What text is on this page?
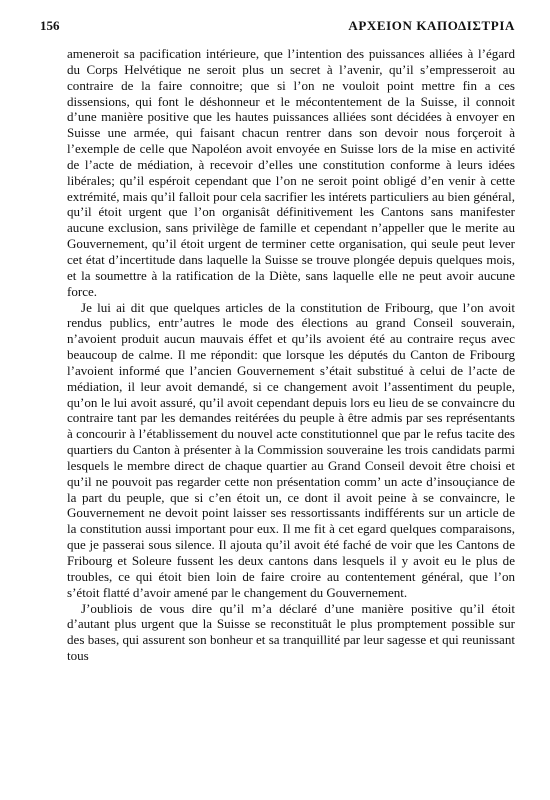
156	ΑΡΧΕΙΟΝ ΚΑΠΟΔΙΣΤΡΙΑ

ameneroit sa pacification intérieure, que l’intention des puissances alliées à l’égard du Corps Helvétique ne seroit plus un secret à l’avenir, qu’il s’empresseroit au contraire de la faire connoitre; que si l’on ne vouloit point mettre fin a ces dissensions, qui font le déshonneur et le mécontentement de la Suisse, il connoit d’une manière positive que les hautes puissances alliées sont décidées à envoyer en Suisse une armée, qui faisant chacun rentrer dans son devoir nous forçeroit à l’exemple de celle que Napoléon avoit envoyée en Suisse lors de la mise en activité de l’acte de médiation, à recevoir d’elles une constitution conforme à leurs idées libérales; qu’il espéroit cependant que l’on ne seroit point obligé d’en venir à cette extrémité, mais qu’il falloit pour cela sacrifier les intérets particuliers au bien général, qu’il étoit urgent que l’on organisât définitivement les Cantons sans manifester aucune exclusion, sans privilège de famille et cependant n’appeller que le merite au Gouvernement, qu’il étoit urgent de terminer cette organisation, qui seule peut lever cet état d’incertitude dans laquelle la Suisse se trouve plongée depuis quelques mois, et la soumettre à la ratification de la Diète, sans laquelle elle ne peut avoir aucune force.

Je lui ai dit que quelques articles de la constitution de Fribourg, que l’on avoit rendus publics, entr’autres le mode des élections au grand Conseil souverain, n’avoient produit aucun mauvais éffet et qu’ils avoient été au contraire reçus avec beaucoup de calme. Il me répondit: que lorsque les députés du Canton de Fribourg l’avoient informé que l’ancien Gouvernement s’était substitué à celui de l’acte de médiation, il leur avoit demandé, si ce changement avoit l’assentiment du peuple, qu’on le lui avoit assuré, qu’il avoit cependant depuis lors eu lieu de se convaincre du contraire tant par les demandes reitérées du peuple à être admis par ses représentants à concourir à l’établissement du nouvel acte constitutionnel que par le refus tacite des quartiers du Canton à présenter à la Commission souveraine les trois candidats parmi lesquels le membre direct de chaque quartier au Grand Conseil devoit être choisi et qu’il ne pouvoit pas regarder cette non présentation comm’ un acte d’insouçiance de la part du peuple, que si c’en étoit un, ce dont il avoit peine à se convaincre, le Gouvernement ne devoit point laisser ses ressortissants indifférents sur un article de la constitution aussi important pour eux. Il me fit à cet egard quelques comparaisons, que je passerai sous silence. Il ajouta qu’il avoit été faché de voir que les Cantons de Fribourg et Soleure fussent les deux cantons dans lesquels il y avoit eu le plus de troubles, ce qui étoit bien loin de faire croire au contentement général, que l’on s’étoit flatté d’avoir amené par le changement du Gouvernement.

J’oubliois de vous dire qu’il m’a déclaré d’une manière positive qu’il étoit d’autant plus urgent que la Suisse se reconstituât le plus promptement possible sur des bases, qui assurent son bonheur et sa tranquillité par leur sagesse et qui reunissant tous
